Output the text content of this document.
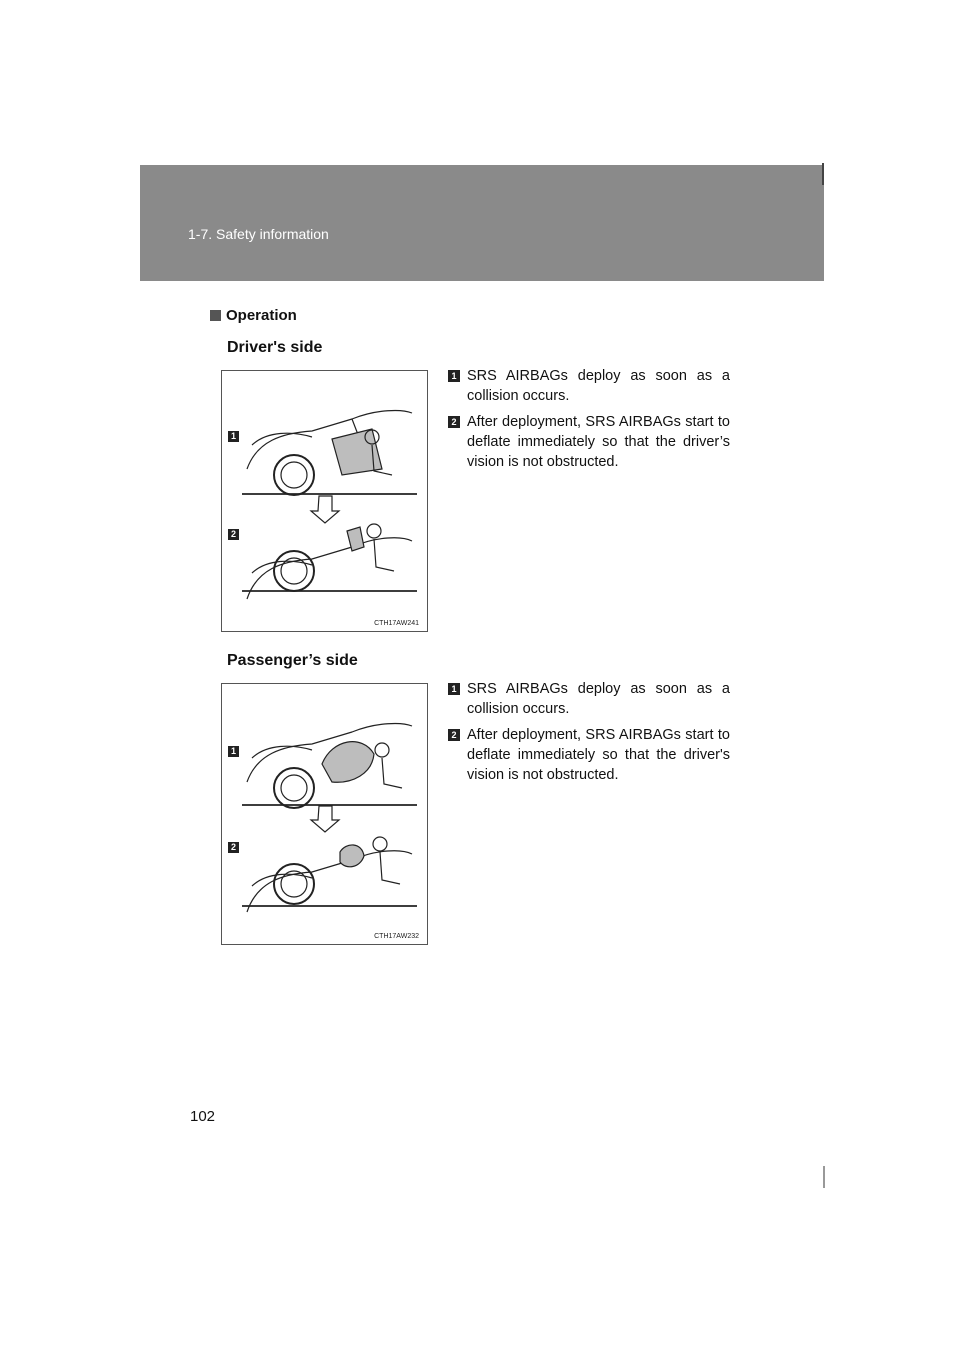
1-7. Safety information
Operation
Driver's side
1
2
CTH17AW241
1 SRS AIRBAGs deploy as soon as a collision occurs.
2 After deployment, SRS AIRBAGs start to deflate immediately so that the driver’s vision is not obstructed.
Passenger’s side
1
2
CTH17AW232
1 SRS AIRBAGs deploy as soon as a collision occurs.
2 After deployment, SRS AIRBAGs start to deflate immediately so that the driver's vision is not obstructed.
102
